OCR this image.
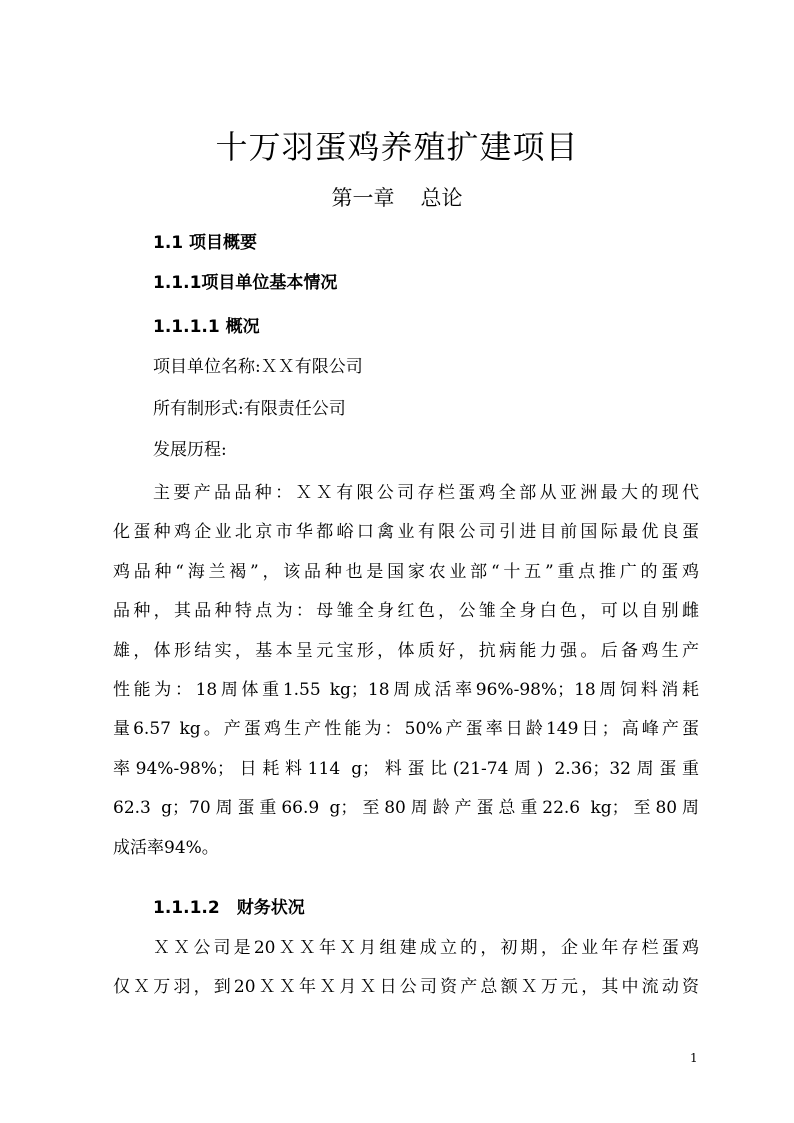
十万羽蛋鸡养殖扩建项目
第一章 总论
1.1 项目概要
1.1.1项目单位基本情况
1.1.1.1 概况
项目单位名称:ＸＸ有限公司
所有制形式:有限责任公司
发展历程:
主要产品品种：ＸＸ有限公司存栏蛋鸡全部从亚洲最大的现代
化蛋种鸡企业北京市华都峪口禽业有限公司引进目前国际最优良蛋
鸡品种“海兰褐”，该品种也是国家农业部“十五”重点推广的蛋鸡
品种，其品种特点为：母雏全身红色，公雏全身白色，可以自别雌
雄，体形结实，基本呈元宝形，体质好，抗病能力强。后备鸡生产
性能为：18周体重1.55 kg；18周成活率96%-98%；18周饲料消耗
量6.57 kg。产蛋鸡生产性能为：50%产蛋率日龄149日；高峰产蛋
率94%-98%；日耗料114 g；料蛋比(21-74周) 2.36；32周蛋重
62.3 g；70周蛋重66.9 g；至80周龄产蛋总重22.6 kg；至80周
成活率94%。
1.1.1.2　财务状况
ＸＸ公司是20ＸＸ年Ｘ月组建成立的，初期，企业年存栏蛋鸡
仅Ｘ万羽，到20ＸＸ年Ｘ月Ｘ日公司资产总额Ｘ万元，其中流动资
1
